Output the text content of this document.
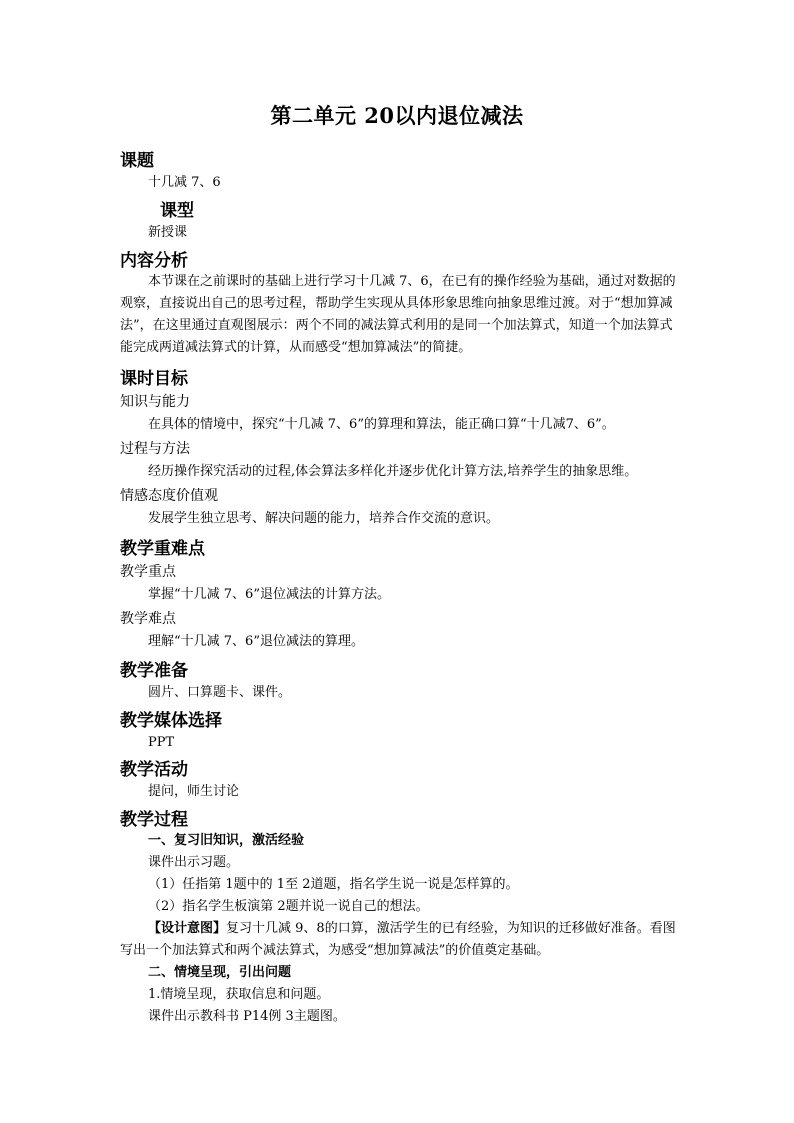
第二单元 20以内退位减法
课题
十几减 7、6
课型
新授课
内容分析
本节课在之前课时的基础上进行学习十几减 7、6，在已有的操作经验为基础，通过对数据的观察，直接说出自己的思考过程，帮助学生实现从具体形象思维向抽象思维过渡。对于“想加算减法”，在这里通过直观图展示：两个不同的减法算式利用的是同一个加法算式，知道一个加法算式能完成两道减法算式的计算，从而感受“想加算减法”的简捷。
课时目标
知识与能力
在具体的情境中，探究“十几减 7、6”的算理和算法，能正确口算“十几减7、6”。
过程与方法
经历操作探究活动的过程,体会算法多样化并逐步优化计算方法,培养学生的抽象思维。
情感态度价值观
发展学生独立思考、解决问题的能力，培养合作交流的意识。
教学重难点
教学重点
掌握“十几减 7、6”退位减法的计算方法。
教学难点
理解“十几减 7、6”退位减法的算理。
教学准备
圆片、口算题卡、课件。
教学媒体选择
PPT
教学活动
提问，师生讨论
教学过程
一、复习旧知识，激活经验
课件出示习题。
（1）任指第 1题中的 1至 2道题，指名学生说一说是怎样算的。
（2）指名学生板演第 2题并说一说自己的想法。
【设计意图】复习十几减 9、8的口算，激活学生的已有经验，为知识的迁移做好准备。看图写出一个加法算式和两个减法算式，为感受“想加算减法”的价值奠定基础。
二、情境呈现，引出问题
1.情境呈现，获取信息和问题。
课件出示教科书 P14例 3主题图。
